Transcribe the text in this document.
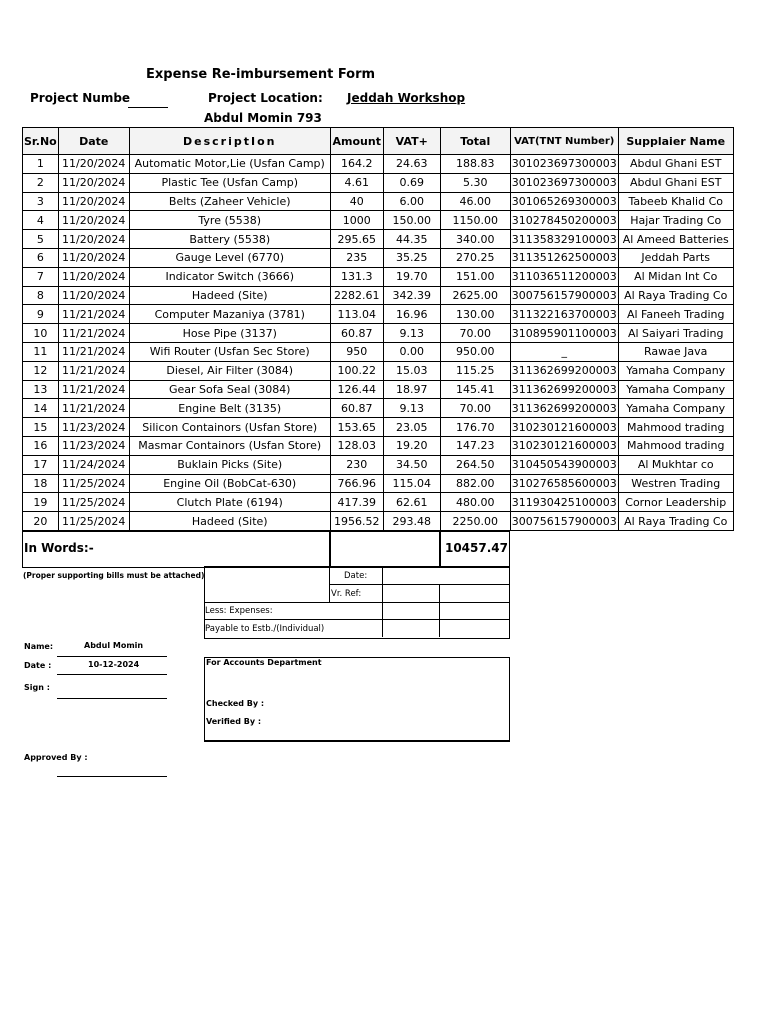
Expense Re-imbursement Form
Project Numbe	Project Location: Jeddah Workshop
Abdul Momin 793
Sr.No	Date	DescriptIon	Amount	VAT+	Total	VAT(TNT Number)	Supplaier Name
1	11/20/2024	Automatic Motor,Lie (Usfan Camp)	164.2	24.63	188.83	301023697300003	Abdul Ghani EST
2	11/20/2024	Plastic Tee (Usfan Camp)	4.61	0.69	5.30	301023697300003	Abdul Ghani EST
3	11/20/2024	Belts (Zaheer Vehicle)	40	6.00	46.00	301065269300003	Tabeeb Khalid Co
4	11/20/2024	Tyre (5538)	1000	150.00	1150.00	310278450200003	Hajar Trading Co
5	11/20/2024	Battery (5538)	295.65	44.35	340.00	311358329100003	Al Ameed Batteries
6	11/20/2024	Gauge Level (6770)	235	35.25	270.25	311351262500003	Jeddah Parts
7	11/20/2024	Indicator Switch (3666)	131.3	19.70	151.00	311036511200003	Al Midan Int Co
8	11/20/2024	Hadeed (Site)	2282.61	342.39	2625.00	300756157900003	Al Raya Trading Co
9	11/21/2024	Computer Mazaniya (3781)	113.04	16.96	130.00	311322163700003	Al Faneeh Trading
10	11/21/2024	Hose Pipe (3137)	60.87	9.13	70.00	310895901100003	Al Saiyari Trading
11	11/21/2024	Wifi Router (Usfan Sec Store)	950	0.00	950.00	_	Rawae Java
12	11/21/2024	Diesel, Air Filter (3084)	100.22	15.03	115.25	311362699200003	Yamaha Company
13	11/21/2024	Gear Sofa Seal (3084)	126.44	18.97	145.41	311362699200003	Yamaha Company
14	11/21/2024	Engine Belt (3135)	60.87	9.13	70.00	311362699200003	Yamaha Company
15	11/23/2024	Silicon Containors (Usfan Store)	153.65	23.05	176.70	310230121600003	Mahmood trading
16	11/23/2024	Masmar Containors (Usfan Store)	128.03	19.20	147.23	310230121600003	Mahmood trading
17	11/24/2024	Buklain Picks (Site)	230	34.50	264.50	310450543900003	Al Mukhtar co
18	11/25/2024	Engine Oil (BobCat-630)	766.96	115.04	882.00	310276585600003	Westren Trading
19	11/25/2024	Clutch Plate (6194)	417.39	62.61	480.00	311930425100003	Cornor Leadership
20	11/25/2024	Hadeed (Site)	1956.52	293.48	2250.00	300756157900003	Al Raya Trading Co
In Words:-	10457.47
(Proper supporting bills must be attached)	Date:
Vr. Ref:
Less: Expenses:
Payable to Estb./(Individual)
Name:	Abdul Momin
Date :	10-12-2024
Sign :
Approved By :
For Accounts Department
Checked By :
Verified By :
